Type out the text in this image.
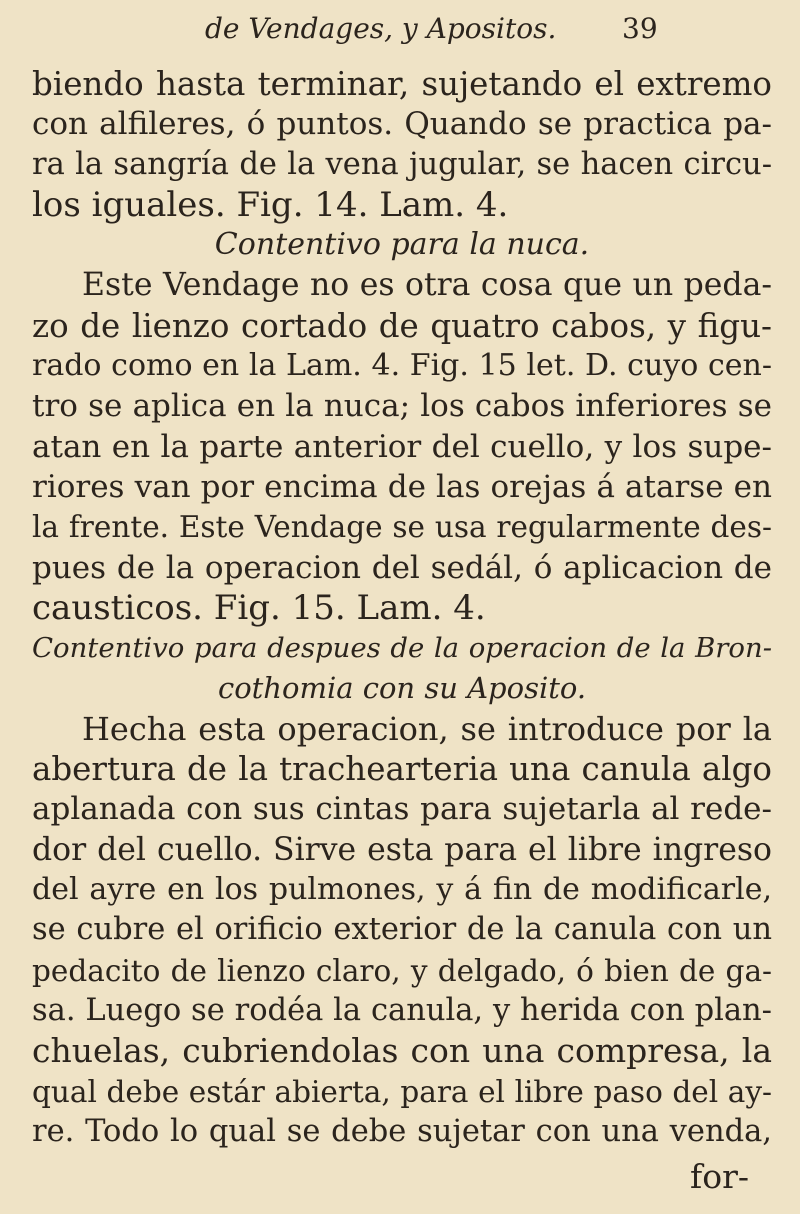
de Vendages, y Apositos. 39
biendo hasta terminar, sujetando el extremo
con alfileres, ó puntos. Quando se practica pa-
ra la sangría de la vena jugular, se hacen circu-
los iguales. Fig. 14. Lam. 4.
Contentivo para la nuca.
Este Vendage no es otra cosa que un peda-
zo de lienzo cortado de quatro cabos, y figu-
rado como en la Lam. 4. Fig. 15 let. D. cuyo cen-
tro se aplica en la nuca; los cabos inferiores se
atan en la parte anterior del cuello, y los supe-
riores van por encima de las orejas á atarse en
la frente. Este Vendage se usa regularmente des-
pues de la operacion del sedál, ó aplicacion de
causticos. Fig. 15. Lam. 4.
Contentivo para despues de la operacion de la Bron-
cothomia con su Aposito.
Hecha esta operacion, se introduce por la
abertura de la trachearteria una canula algo
aplanada con sus cintas para sujetarla al rede-
dor del cuello. Sirve esta para el libre ingreso
del ayre en los pulmones, y á fin de modificarle,
se cubre el orificio exterior de la canula con un
pedacito de lienzo claro, y delgado, ó bien de ga-
sa. Luego se rodéa la canula, y herida con plan-
chuelas, cubriendolas con una compresa, la
qual debe estár abierta, para el libre paso del ay-
re. Todo lo qual se debe sujetar con una venda,
for-
